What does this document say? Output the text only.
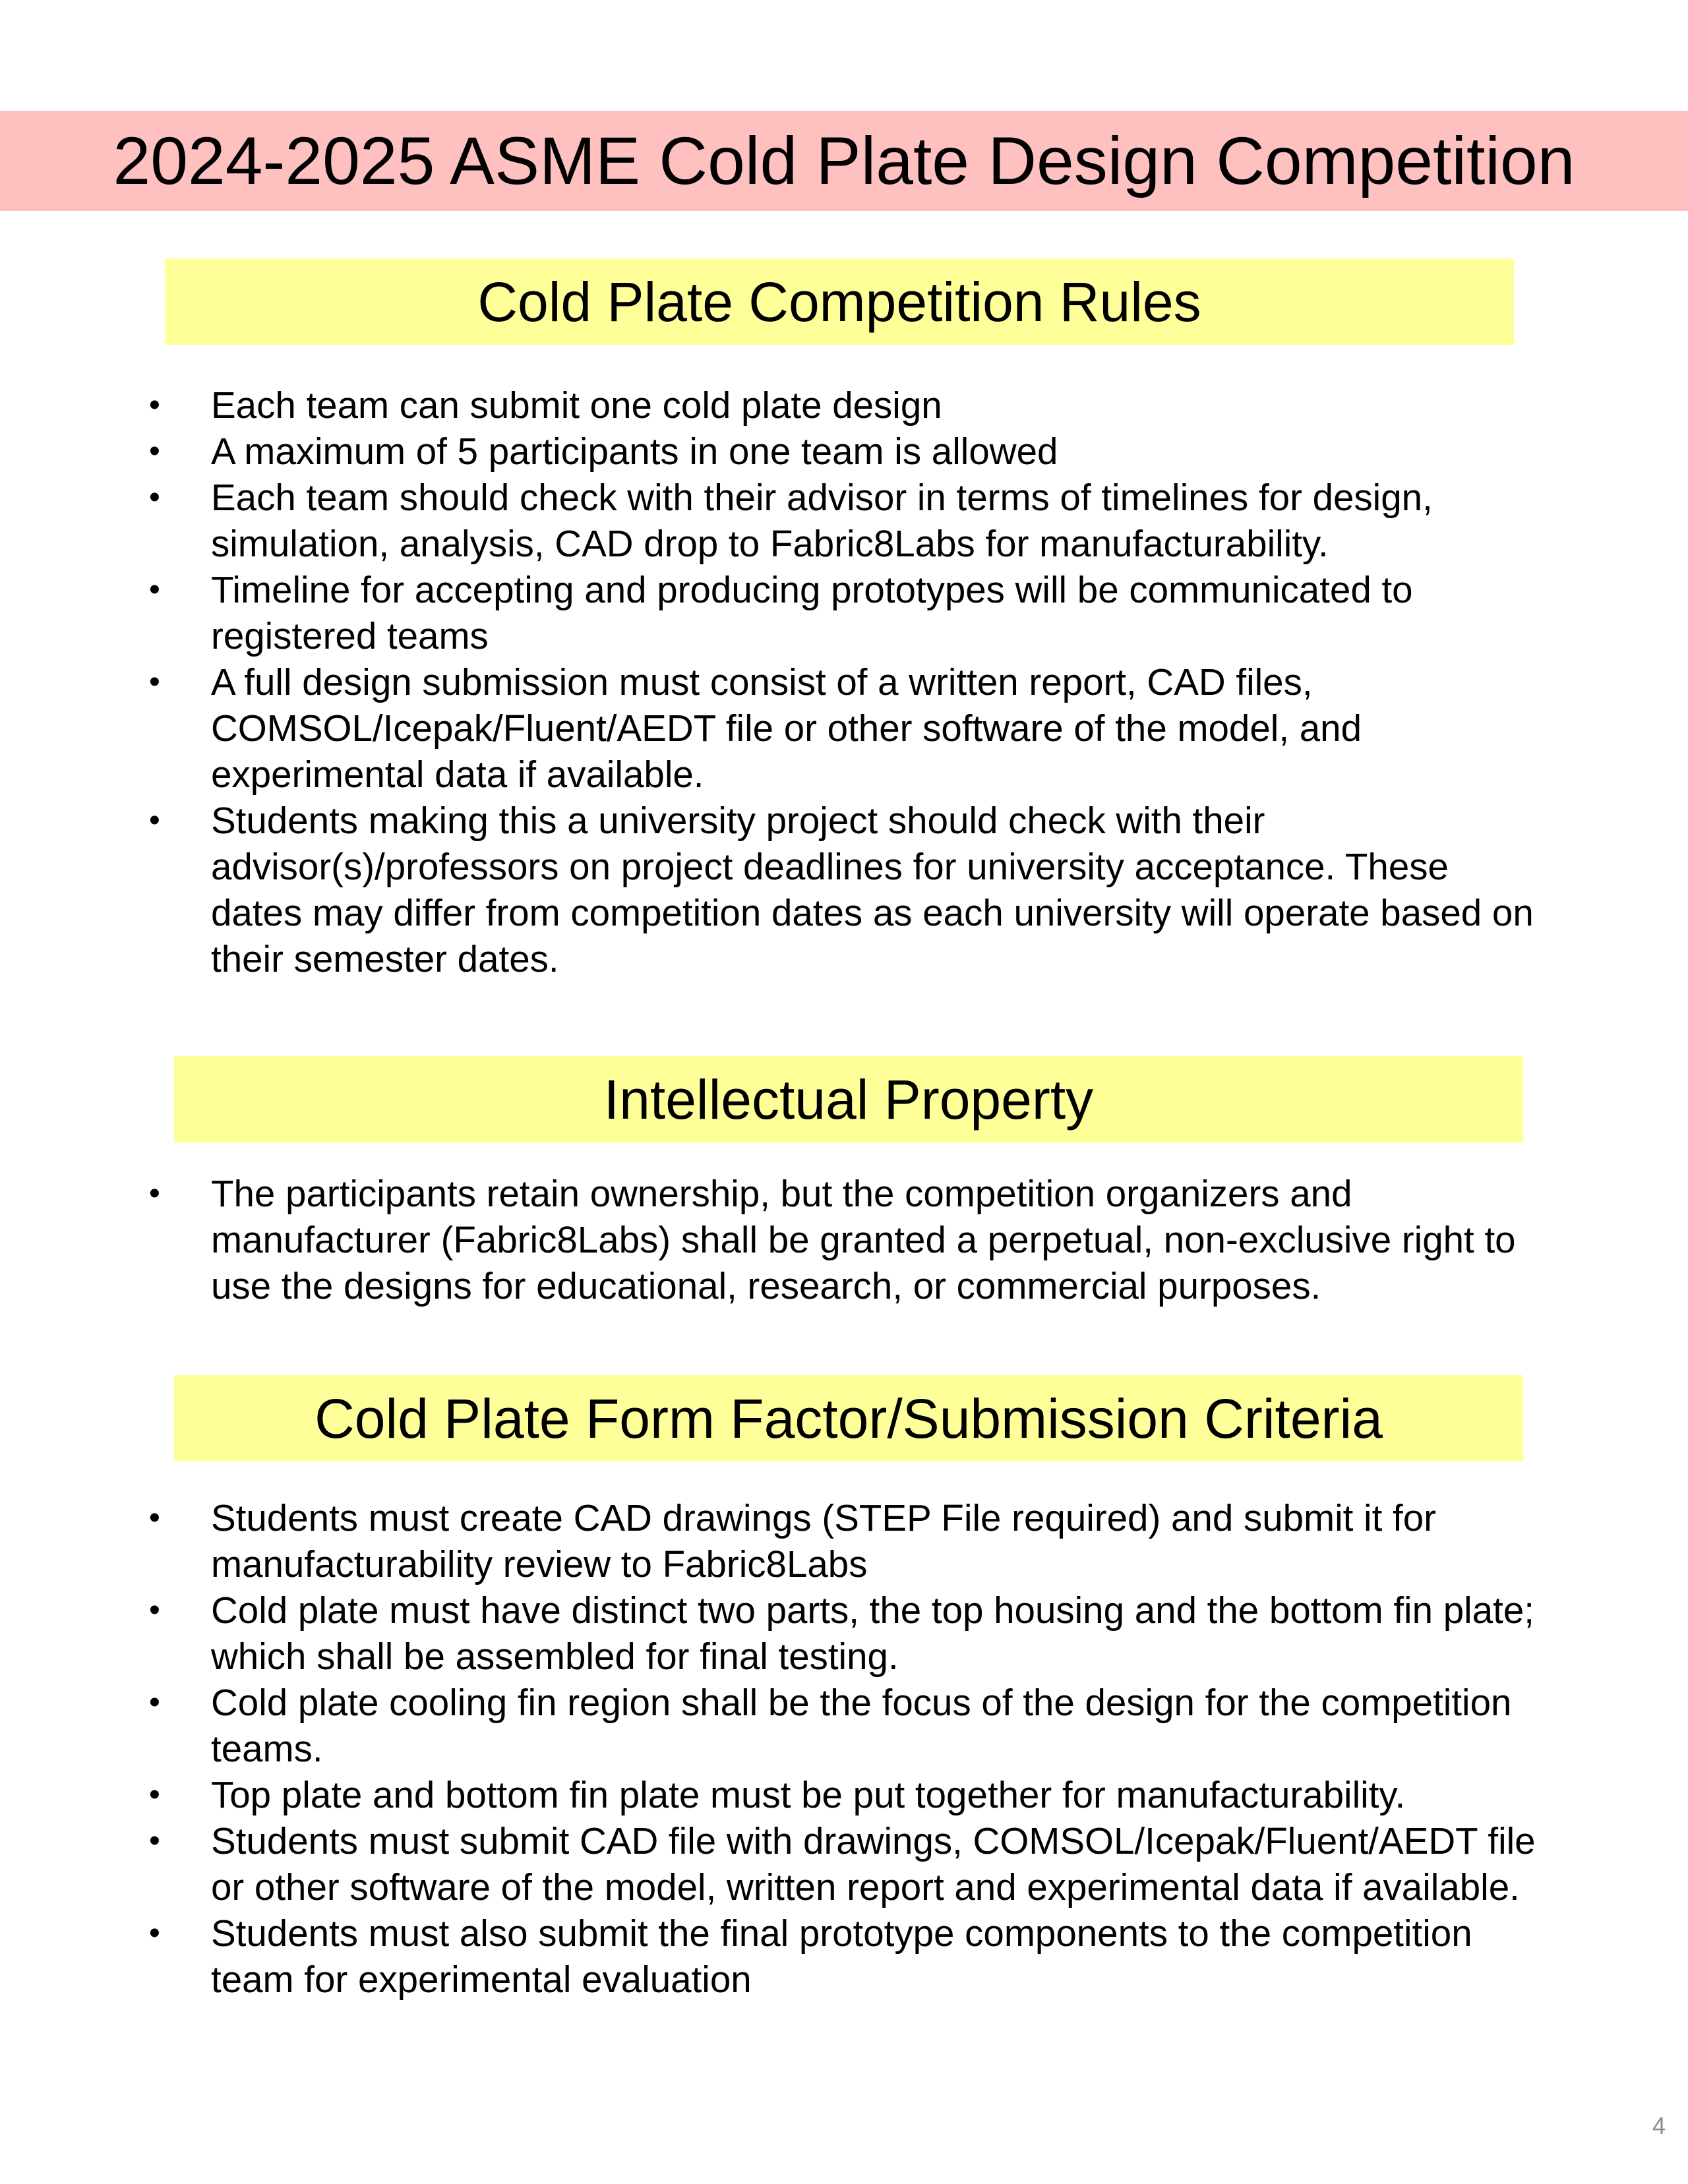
2024-2025 ASME Cold Plate Design Competition
Cold Plate Competition Rules
• Each team can submit one cold plate design
• A maximum of 5 participants in one team is allowed
• Each team should check with their advisor in terms of timelines for design, simulation, analysis, CAD drop to Fabric8Labs for manufacturability.
• Timeline for accepting and producing prototypes will be communicated to registered teams
• A full design submission must consist of a written report, CAD files, COMSOL/Icepak/Fluent/AEDT file or other software of the model, and experimental data if available.
• Students making this a university project should check with their advisor(s)/professors on project deadlines for university acceptance. These dates may differ from competition dates as each university will operate based on their semester dates.
Intellectual Property
• The participants retain ownership, but the competition organizers and manufacturer (Fabric8Labs) shall be granted a perpetual, non-exclusive right to use the designs for educational, research, or commercial purposes.
Cold Plate Form Factor/Submission Criteria
• Students must create CAD drawings (STEP File required) and submit it for manufacturability review to Fabric8Labs
• Cold plate must have distinct two parts, the top housing and the bottom fin plate; which shall be assembled for final testing.
• Cold plate cooling fin region shall be the focus of the design for the competition teams.
• Top plate and bottom fin plate must be put together for manufacturability.
• Students must submit CAD file with drawings, COMSOL/Icepak/Fluent/AEDT file or other software of the model, written report and experimental data if available.
• Students must also submit the final prototype components to the competition team for experimental evaluation
4
